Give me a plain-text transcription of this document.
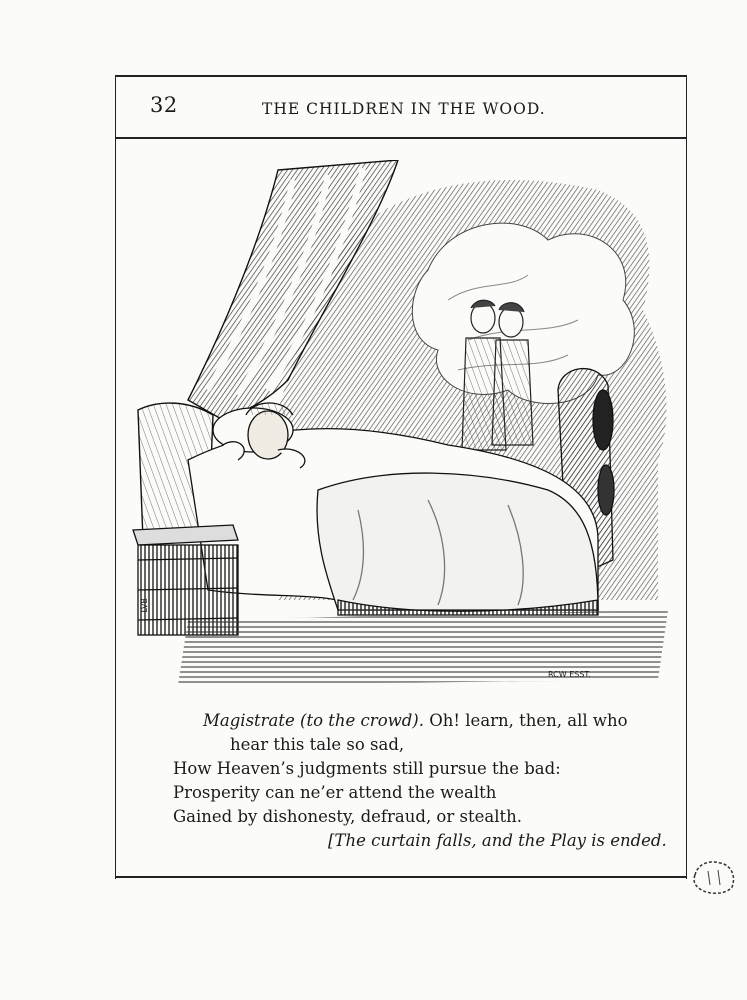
32	THE CHILDREN IN THE WOOD.
LVB
RCW ESST.
Magistrate (to the crowd). Oh! learn, then, all who
hear this tale so sad,
How Heaven’s judgments still pursue the bad:
Prosperity can ne’er attend the wealth
Gained by dishonesty, defraud, or stealth.
[The curtain falls, and the Play is ended.
